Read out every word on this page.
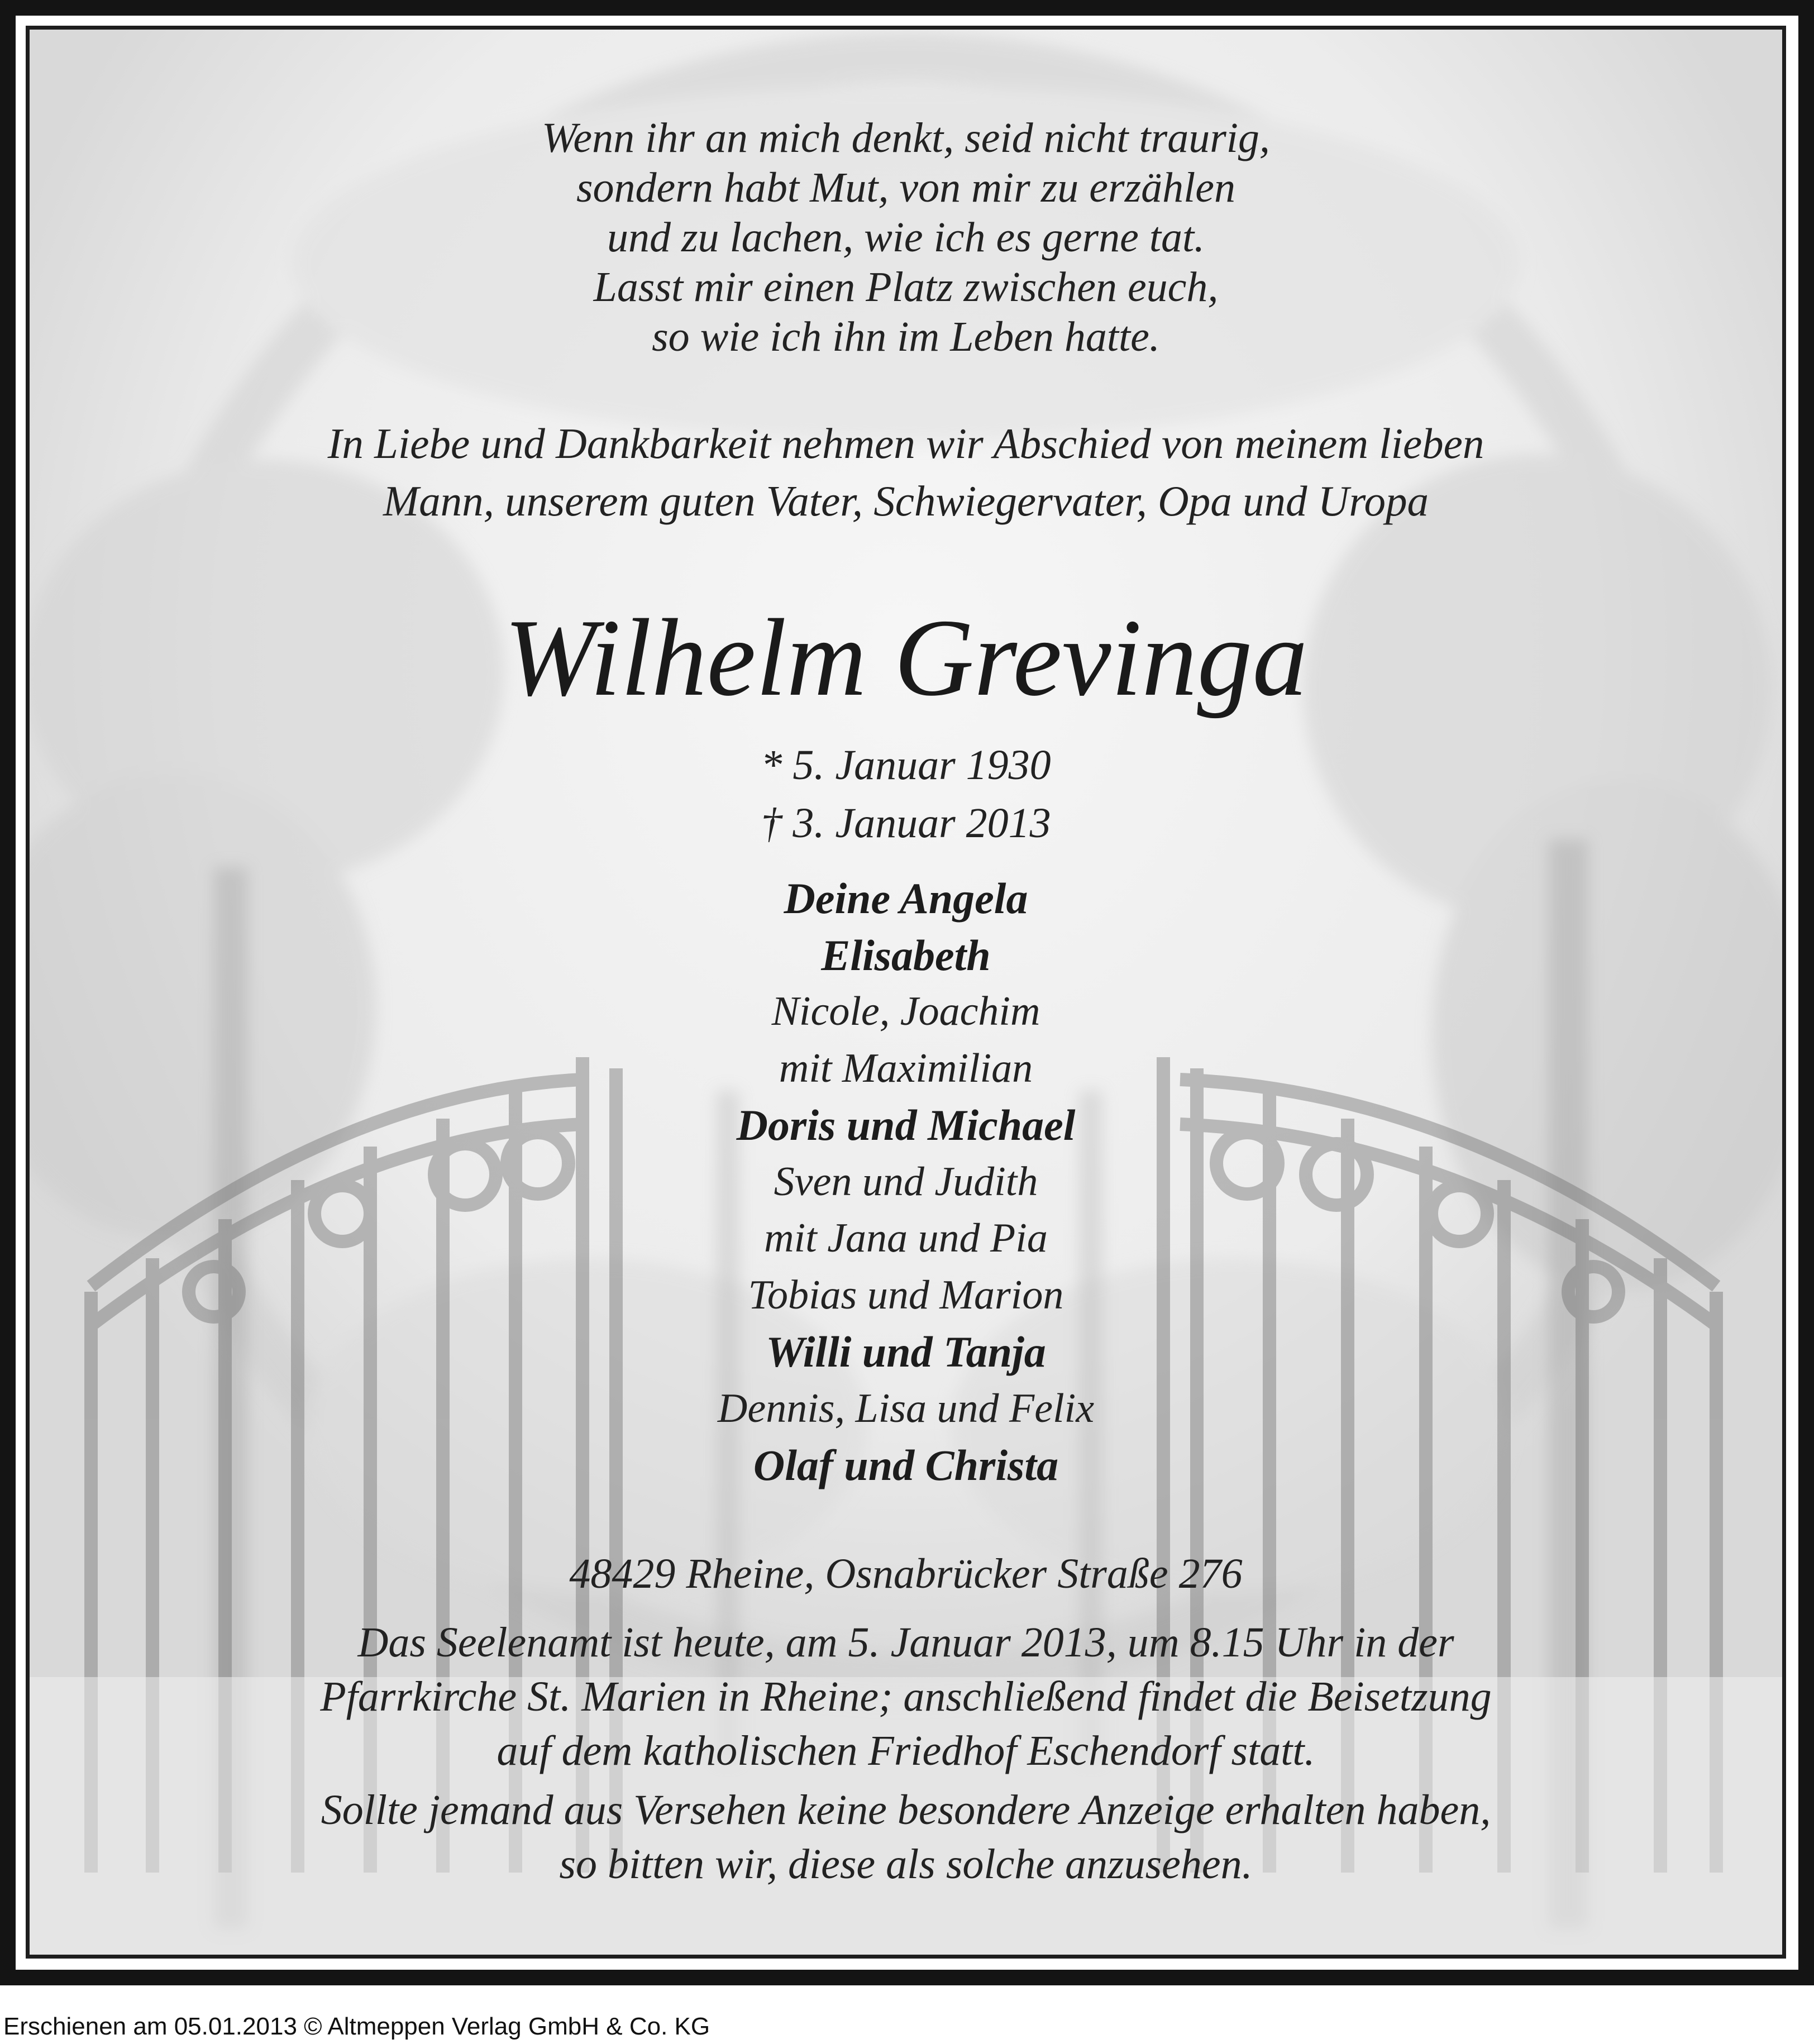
Wenn ihr an mich denkt, seid nicht traurig,
sondern habt Mut, von mir zu erzählen
und zu lachen, wie ich es gerne tat.
Lasst mir einen Platz zwischen euch,
so wie ich ihn im Leben hatte.
In Liebe und Dankbarkeit nehmen wir Abschied von meinem lieben
Mann, unserem guten Vater, Schwiegervater, Opa und Uropa
Wilhelm Grevinga
* 5. Januar 1930
† 3. Januar 2013
Deine Angela
Elisabeth
Nicole, Joachim
mit Maximilian
Doris und Michael
Sven und Judith
mit Jana und Pia
Tobias und Marion
Willi und Tanja
Dennis, Lisa und Felix
Olaf und Christa
48429 Rheine, Osnabrücker Straße 276
Das Seelenamt ist heute, am 5. Januar 2013, um 8.15 Uhr in der
Pfarrkirche St. Marien in Rheine; anschließend findet die Beisetzung
auf dem katholischen Friedhof Eschendorf statt.
Sollte jemand aus Versehen keine besondere Anzeige erhalten haben,
so bitten wir, diese als solche anzusehen.
Erschienen am 05.01.2013 © Altmeppen Verlag GmbH & Co. KG
